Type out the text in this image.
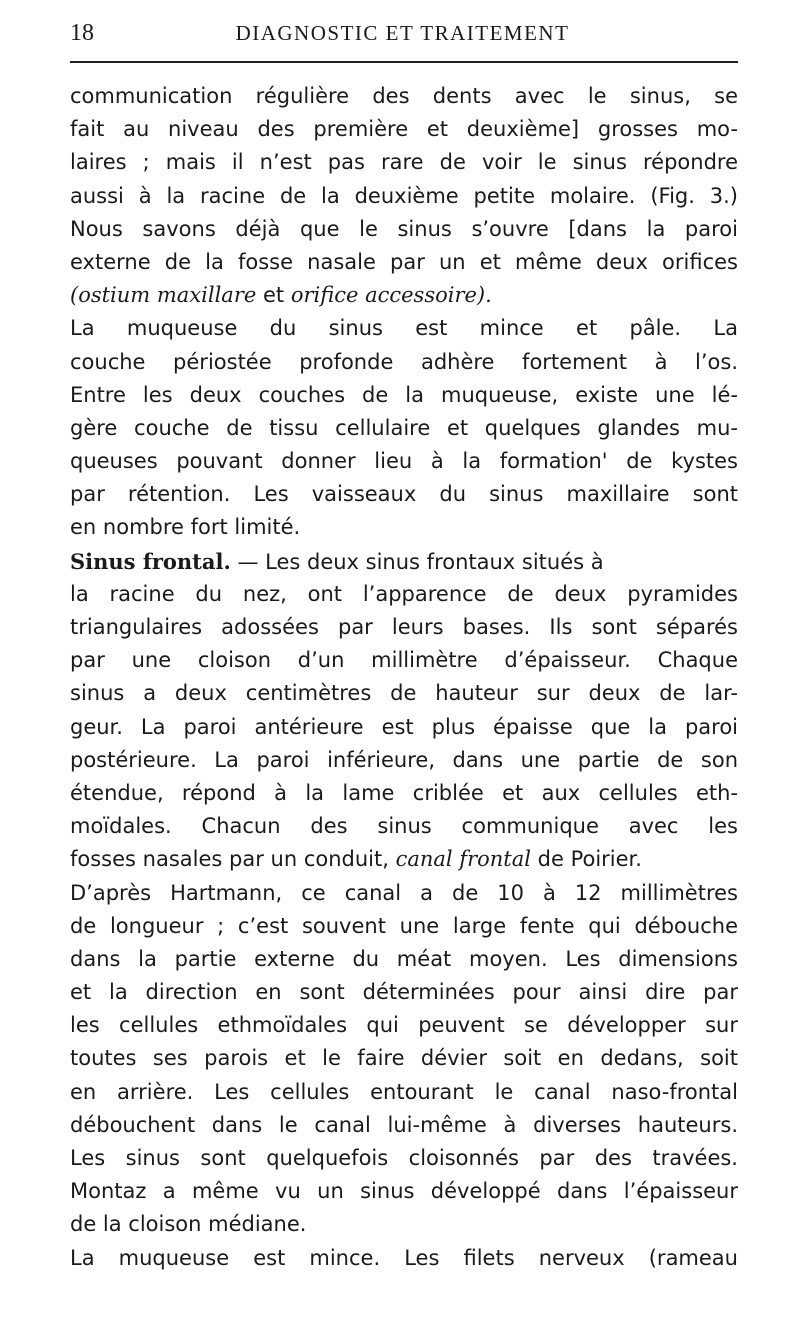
18	DIAGNOSTIC ET TRAITEMENT
communication régulière des dents avec le sinus, se
fait au niveau des première et deuxième] grosses mo-
laires ; mais il n’est pas rare de voir le sinus répondre
aussi à la racine de la deuxième petite molaire. (Fig. 3.)
Nous savons déjà que le sinus s’ouvre [dans la paroi
externe de la fosse nasale par un et même deux orifices
(ostium maxillare et orifice accessoire).
La muqueuse du sinus est mince et pâle. La
couche périostée profonde adhère fortement à l’os.
Entre les deux couches de la muqueuse, existe une lé-
gère couche de tissu cellulaire et quelques glandes mu-
queuses pouvant donner lieu à la formation' de kystes
par rétention. Les vaisseaux du sinus maxillaire sont
en nombre fort limité.
Sinus frontal. — Les deux sinus frontaux situés à
la racine du nez, ont l’apparence de deux pyramides
triangulaires adossées par leurs bases. Ils sont séparés
par une cloison d’un millimètre d’épaisseur. Chaque
sinus a deux centimètres de hauteur sur deux de lar-
geur. La paroi antérieure est plus épaisse que la paroi
postérieure. La paroi inférieure, dans une partie de son
étendue, répond à la lame criblée et aux cellules eth-
moïdales. Chacun des sinus communique avec les
fosses nasales par un conduit, canal frontal de Poirier.
D’après Hartmann, ce canal a de 10 à 12 millimètres
de longueur ; c’est souvent une large fente qui débouche
dans la partie externe du méat moyen. Les dimensions
et la direction en sont déterminées pour ainsi dire par
les cellules ethmoïdales qui peuvent se développer sur
toutes ses parois et le faire dévier soit en dedans, soit
en arrière. Les cellules entourant le canal naso-frontal
débouchent dans le canal lui-même à diverses hauteurs.
Les sinus sont quelquefois cloisonnés par des travées.
Montaz a même vu un sinus développé dans l’épaisseur
de la cloison médiane.
La muqueuse est mince. Les filets nerveux (rameau
